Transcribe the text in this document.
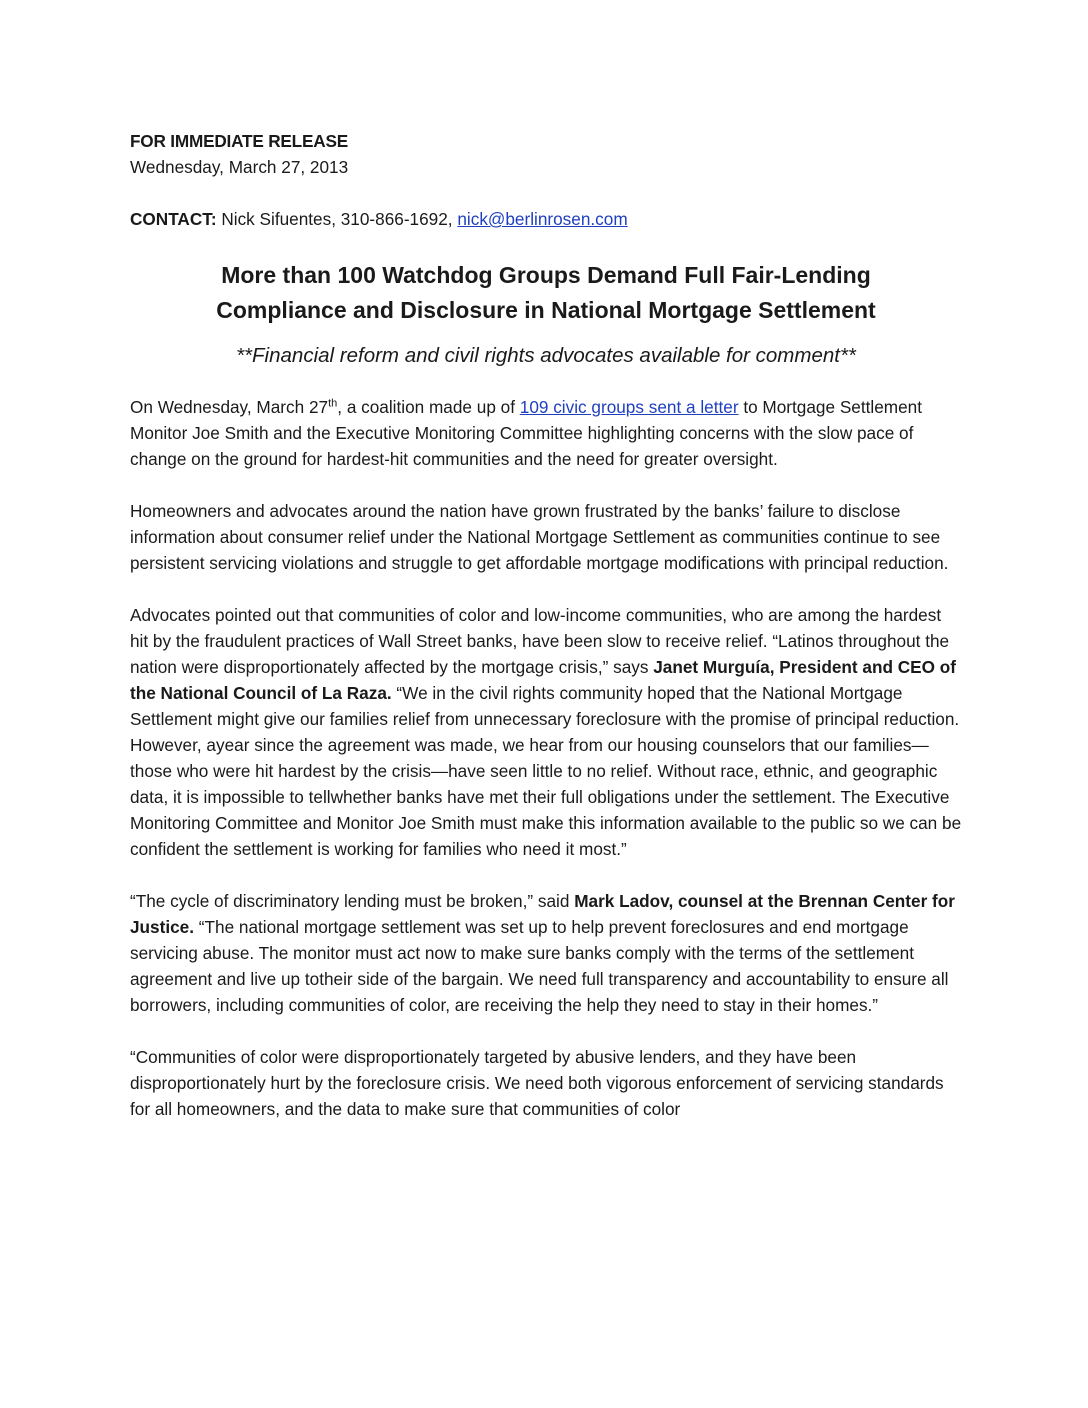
FOR IMMEDIATE RELEASE
Wednesday, March 27, 2013
CONTACT: Nick Sifuentes, 310-866-1692, nick@berlinrosen.com
More than 100 Watchdog Groups Demand Full Fair-Lending
Compliance and Disclosure in National Mortgage Settlement
**Financial reform and civil rights advocates available for comment**

On Wednesday, March 27th, a coalition made up of 109 civic groups sent a letter to Mortgage Settlement Monitor Joe Smith and the Executive Monitoring Committee highlighting concerns with the slow pace of change on the ground for hardest-hit communities and the need for greater oversight.

Homeowners and advocates around the nation have grown frustrated by the banks’ failure to disclose information about consumer relief under the National Mortgage Settlement as communities continue to see persistent servicing violations and struggle to get affordable mortgage modifications with principal reduction.

Advocates pointed out that communities of color and low-income communities, who are among the hardest hit by the fraudulent practices of Wall Street banks, have been slow to receive relief. “Latinos throughout the nation were disproportionately affected by the mortgage crisis,” says Janet Murguía, President and CEO of the National Council of La Raza. “We in the civil rights community hoped that the National Mortgage Settlement might give our families relief from unnecessary foreclosure with the promise of principal reduction. However, ayear since the agreement was made, we hear from our housing counselors that our families—those who were hit hardest by the crisis—have seen little to no relief. Without race, ethnic, and geographic data, it is impossible to tellwhether banks have met their full obligations under the settlement. The Executive Monitoring Committee and Monitor Joe Smith must make this information available to the public so we can be confident the settlement is working for families who need it most.”

“The cycle of discriminatory lending must be broken,” said Mark Ladov, counsel at the Brennan Center for Justice. “The national mortgage settlement was set up to help prevent foreclosures and end mortgage servicing abuse. The monitor must act now to make sure banks comply with the terms of the settlement agreement and live up totheir side of the bargain. We need full transparency and accountability to ensure all borrowers, including communities of color, are receiving the help they need to stay in their homes.”

“Communities of color were disproportionately targeted by abusive lenders, and they have been disproportionately hurt by the foreclosure crisis. We need both vigorous enforcement of servicing standards for all homeowners, and the data to make sure that communities of color
